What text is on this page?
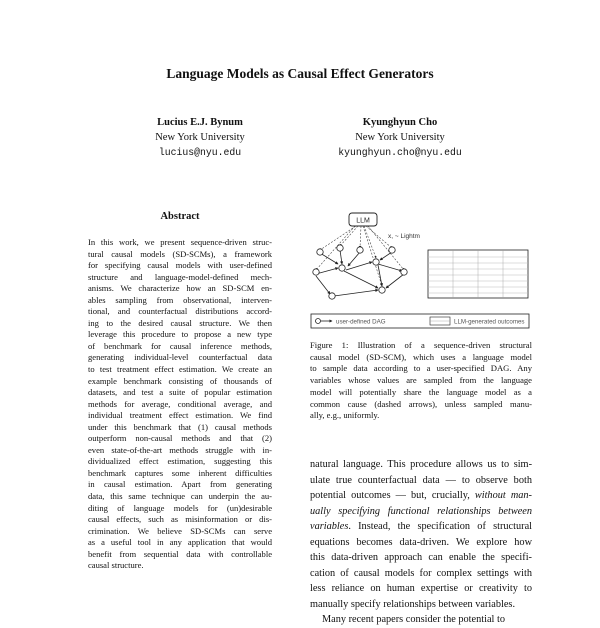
Language Models as Causal Effect Generators
Lucius E.J. Bynum
New York University
lucius@nyu.edu
Kyunghyun Cho
New York University
kyunghyun.cho@nyu.edu
Abstract
In this work, we present sequence-driven struc-
tural causal models (SD-SCMs), a framework
for specifying causal models with user-defined
structure and language-model-defined mech-
anisms. We characterize how an SD-SCM en-
ables sampling from observational, interven-
tional, and counterfactual distributions accord-
ing to the desired causal structure. We then
leverage this procedure to propose a new type
of benchmark for causal inference methods,
generating individual-level counterfactual data
to test treatment effect estimation. We create an
example benchmark consisting of thousands of
datasets, and test a suite of popular estimation
methods for average, conditional average, and
individual treatment effect estimation. We find
under this benchmark that (1) causal methods
outperform non-causal methods and that (2)
even state-of-the-art methods struggle with in-
dividualized effect estimation, suggesting this
benchmark captures some inherent difficulties
in causal estimation. Apart from generating
data, this same technique can underpin the au-
diting of language models for (un)desirable
causal effects, such as misinformation or dis-
crimination. We believe SD-SCMs can serve
as a useful tool in any application that would
benefit from sequential data with controllable
causal structure.
LLM
x, ~ Lightm
user-defined DAG	LLM-generated outcomes
Figure 1: Illustration of a sequence-driven structural
causal model (SD-SCM), which uses a language model
to sample data according to a user-specified DAG. Any
variables whose values are sampled from the language
model will potentially share the language model as a
common cause (dashed arrows), unless sampled manu-
ally, e.g., uniformly.
natural language. This procedure allows us to sim-
ulate true counterfactual data — to observe both
potential outcomes — but, crucially, without man-
ually specifying functional relationships between
variables. Instead, the specification of structural
equations becomes data-driven. We explore how
this data-driven approach can enable the specifi-
cation of causal models for complex settings with
less reliance on human expertise or creativity to
manually specify relationships between variables.
Many recent papers consider the potential to
